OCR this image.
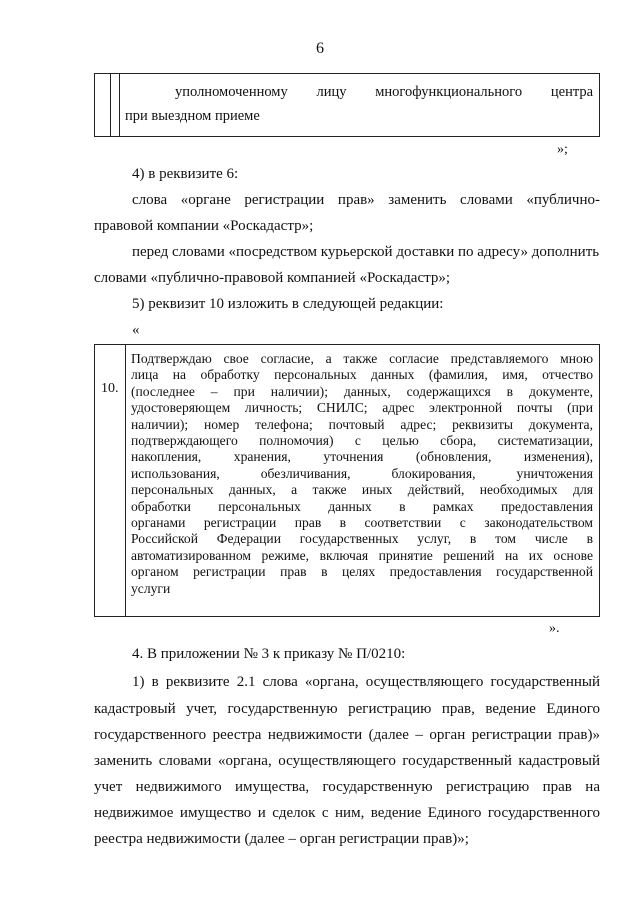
6
уполномоченному лицу многофункционального центра
при выездном приеме
»;
4) в реквизите 6:
слова «органе регистрации прав» заменить словами «публично-
правовой компании «Роскадастр»;
перед словами «посредством курьерской доставки по адресу» дополнить
словами «публично-правовой компанией «Роскадастр»;
5) реквизит 10 изложить в следующей редакции:
«
10.
Подтверждаю свое согласие, а также согласие представляемого мною
лица на обработку персональных данных (фамилия, имя, отчество
(последнее – при наличии); данных, содержащихся в документе,
удостоверяющем личность; СНИЛС; адрес электронной почты (при
наличии); номер телефона; почтовый адрес; реквизиты документа,
подтверждающего полномочия) с целью сбора, систематизации,
накопления, хранения, уточнения (обновления, изменения),
использования, обезличивания, блокирования, уничтожения
персональных данных, а также иных действий, необходимых для
обработки персональных данных в рамках предоставления
органами регистрации прав в соответствии с законодательством
Российской Федерации государственных услуг, в том числе в
автоматизированном режиме, включая принятие решений на их основе
органом регистрации прав в целях предоставления государственной
услуги
».
4. В приложении № 3 к приказу № П/0210:
1) в реквизите 2.1 слова «органа, осуществляющего государственный
кадастровый учет, государственную регистрацию прав, ведение Единого
государственного реестра недвижимости (далее – орган регистрации прав)»
заменить словами «органа, осуществляющего государственный кадастровый
учет недвижимого имущества, государственную регистрацию прав на
недвижимое имущество и сделок с ним, ведение Единого государственного
реестра недвижимости (далее – орган регистрации прав)»;
